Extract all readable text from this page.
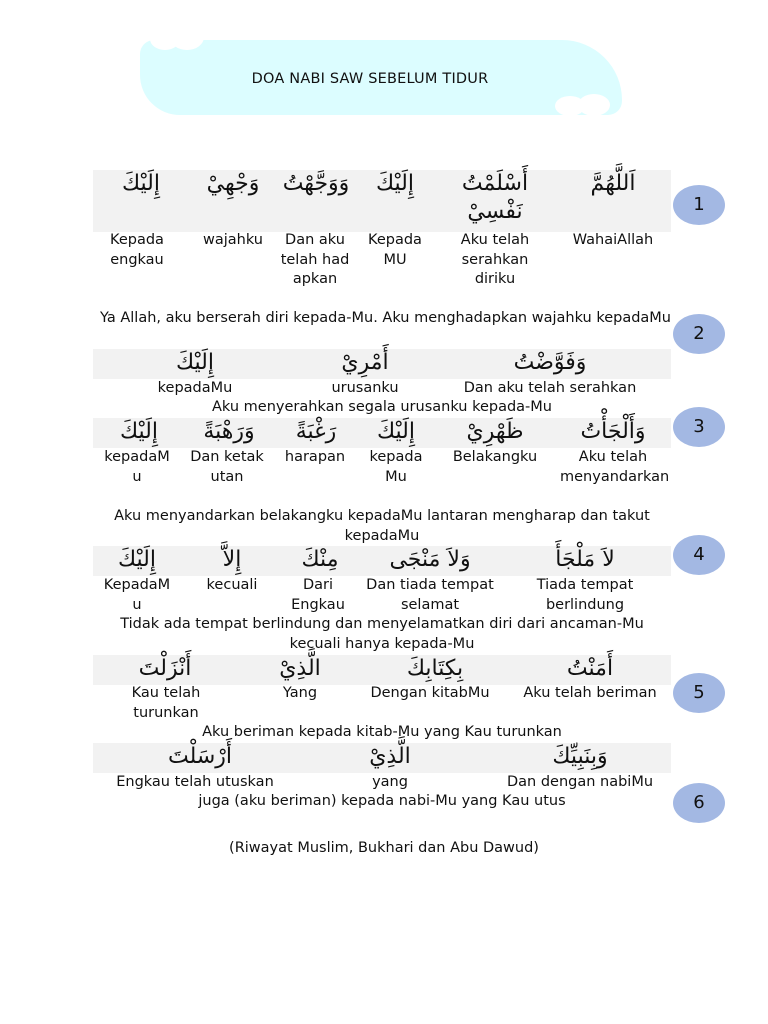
DOA NABI SAW SEBELUM TIDUR
اَللَّهُمَّ
أَسْلَمْتُ نَفْسِيْ
إِلَيْكَ
وَوَجَّهْتُ
وَجْهِيْ
إِلَيْكَ
WahaiAllah
Aku telah serahkan diriku
Kepada MU
Dan aku telah hadapkan
wajahku
Kepada engkau
Ya Allah, aku berserah diri kepada-Mu. Aku menghadapkan wajahku kepadaMu
وَفَوَّضْتُ
أَمْرِيْ
إِلَيْكَ
Dan aku telah serahkan
urusanku
kepadaMu
Aku menyerahkan segala urusanku kepada-Mu
وَأَلْجَأْتُ
ظَهْرِيْ
إِلَيْكَ
رَغْبَةً
وَرَهْبَةً
إِلَيْكَ
Aku telah menyandarkan
Belakangku
kepada Mu
harapan
Dan ketakutan
kepadaMu
Aku menyandarkan belakangku kepadaMu lantaran mengharap dan takut kepadaMu
لاَ مَلْجَأَ
وَلاَ مَنْجَى
مِنْكَ
إِلاَّ
إِلَيْكَ
Tiada tempat berlindung
Dan tiada tempat selamat
Dari Engkau
kecuali
KepadaMu
Tidak ada tempat berlindung dan menyelamatkan diri dari ancaman-Mu kecuali hanya kepada-Mu
أَمَنْتُ
بِكِتَابِكَ
الَّذِيْ
أَنْزَلْتَ
Aku telah beriman
Dengan kitabMu
Yang
Kau telah turunkan
Aku beriman kepada kitab-Mu yang Kau turunkan
وَبِنَبِيِّكَ
الَّذِيْ
أَرْسَلْتَ
Dan dengan nabiMu
yang
Engkau telah utuskan
juga (aku beriman) kepada nabi-Mu yang Kau utus
1
2
3
4
5
6
(Riwayat Muslim, Bukhari dan Abu Dawud)
